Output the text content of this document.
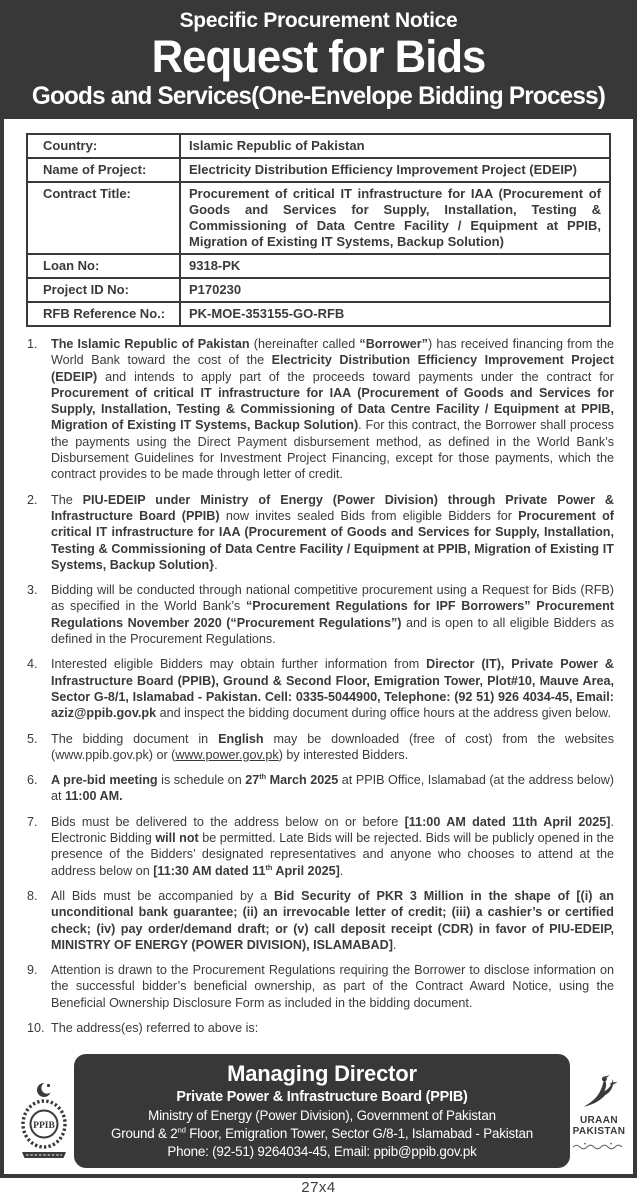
Specific Procurement Notice
Request for Bids
Goods and Services(One-Envelope Bidding Process)
Country:	Islamic Republic of Pakistan
Name of Project:	Electricity Distribution Efficiency Improvement Project (EDEIP)
Contract Title:	Procurement of critical IT infrastructure for IAA (Procurement of Goods and Services for Supply, Installation, Testing & Commissioning of Data Centre Facility / Equipment at PPIB, Migration of Existing IT Systems, Backup Solution)
Loan No:	9318-PK
Project ID No:	P170230
RFB Reference No.:	PK-MOE-353155-GO-RFB
1.	The Islamic Republic of Pakistan (hereinafter called “Borrower”) has received financing from the World Bank toward the cost of the Electricity Distribution Efficiency Improvement Project (EDEIP) and intends to apply part of the proceeds toward payments under the contract for Procurement of critical IT infrastructure for IAA (Procurement of Goods and Services for Supply, Installation, Testing & Commissioning of Data Centre Facility / Equipment at PPIB, Migration of Existing IT Systems, Backup Solution). For this contract, the Borrower shall process the payments using the Direct Payment disbursement method, as defined in the World Bank’s Disbursement Guidelines for Investment Project Financing, except for those payments, which the contract provides to be made through letter of credit.
2.	The PIU-EDEIP under Ministry of Energy (Power Division) through Private Power & Infrastructure Board (PPIB) now invites sealed Bids from eligible Bidders for Procurement of critical IT infrastructure for IAA (Procurement of Goods and Services for Supply, Installation, Testing & Commissioning of Data Centre Facility / Equipment at PPIB, Migration of Existing IT Systems, Backup Solution}.
3.	Bidding will be conducted through national competitive procurement using a Request for Bids (RFB) as specified in the World Bank’s “Procurement Regulations for IPF Borrowers” Procurement Regulations November 2020 (“Procurement Regulations”) and is open to all eligible Bidders as defined in the Procurement Regulations.
4.	Interested eligible Bidders may obtain further information from Director (IT), Private Power & Infrastructure Board (PPIB), Ground & Second Floor, Emigration Tower, Plot#10, Mauve Area, Sector G-8/1, Islamabad - Pakistan. Cell: 0335-5044900, Telephone: (92 51) 926 4034-45, Email: aziz@ppib.gov.pk and inspect the bidding document during office hours at the address given below.
5.	The bidding document in English may be downloaded (free of cost) from the websites (www.ppib.gov.pk) or (www.power.gov.pk) by interested Bidders.
6.	A pre-bid meeting is schedule on 27th March 2025 at PPIB Office, Islamabad (at the address below) at 11:00 AM.
7.	Bids must be delivered to the address below on or before [11:00 AM dated 11th April 2025]. Electronic Bidding will not be permitted. Late Bids will be rejected. Bids will be publicly opened in the presence of the Bidders’ designated representatives and anyone who chooses to attend at the address below on [11:30 AM dated 11th April 2025].
8.	All Bids must be accompanied by a Bid Security of PKR 3 Million in the shape of [(i) an unconditional bank guarantee; (ii) an irrevocable letter of credit; (iii) a cashier’s or certified check; (iv) pay order/demand draft; or (v) call deposit receipt (CDR) in favor of PIU-EDEIP, MINISTRY OF ENERGY (POWER DIVISION), ISLAMABAD].
9.	Attention is drawn to the Procurement Regulations requiring the Borrower to disclose information on the successful bidder’s beneficial ownership, as part of the Contract Award Notice, using the Beneficial Ownership Disclosure Form as included in the bidding document.
10. The address(es) referred to above is:
PPIB
Managing Director
Private Power & Infrastructure Board (PPIB)
Ministry of Energy (Power Division), Government of Pakistan
Ground & 2nd Floor, Emigration Tower, Sector G/8-1, Islamabad - Pakistan
Phone: (92-51) 9264034-45, Email: ppib@ppib.gov.pk
URAAN
PAKISTAN
27x4
